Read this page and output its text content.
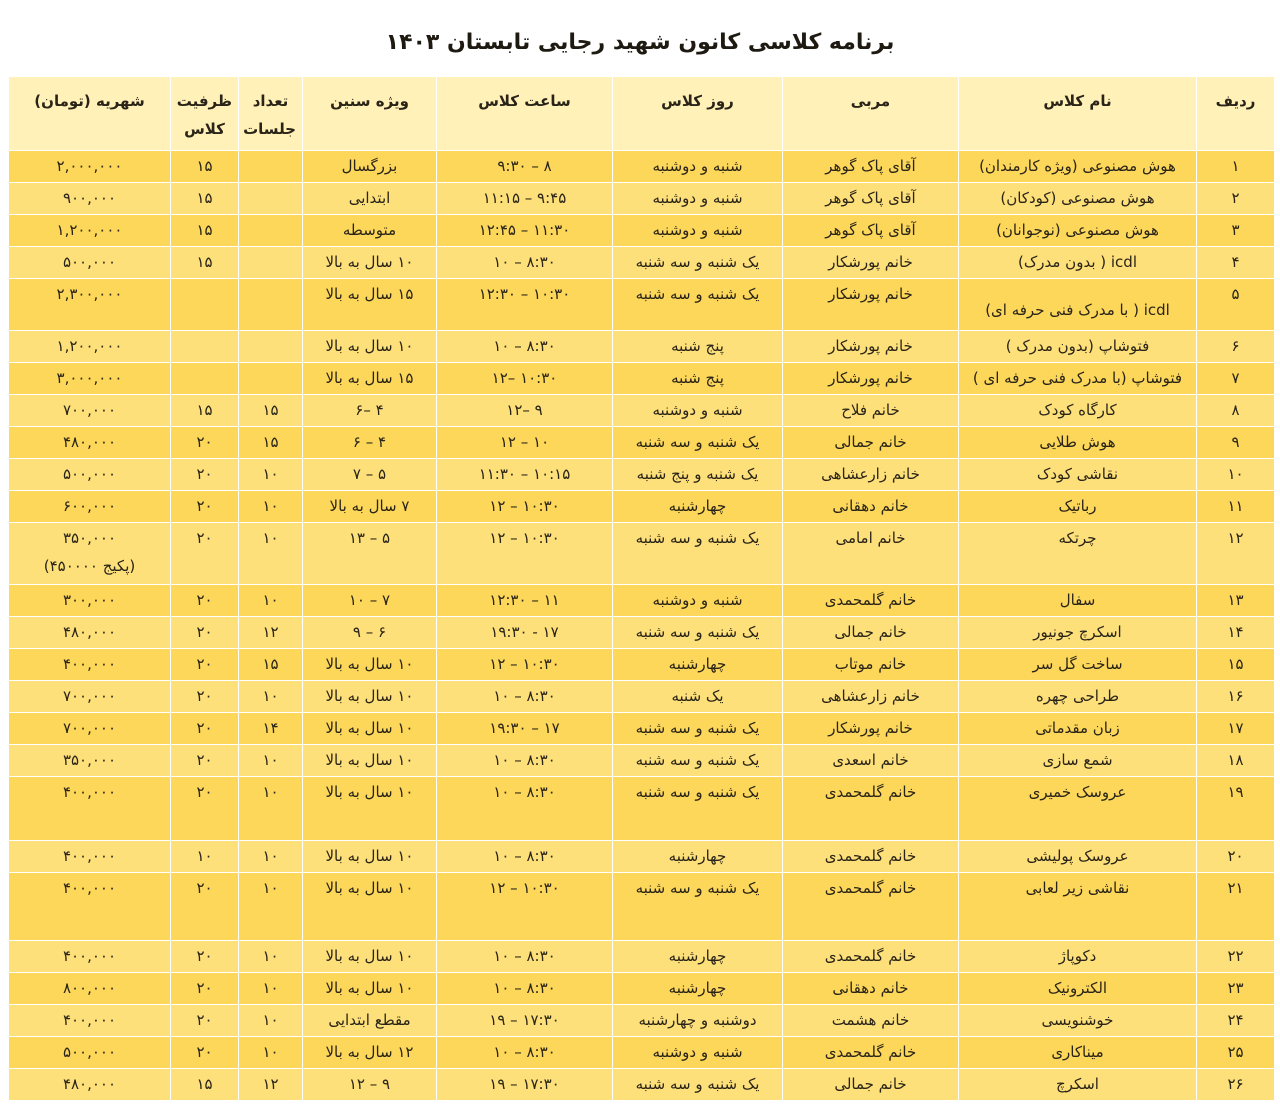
برنامه کلاسی کانون شهید رجایی تابستان ۱۴۰۳
ردیف	نام کلاس	مربی	روز کلاس	ساعت کلاس	ویژه سنین	تعداد جلسات	ظرفیت کلاس	شهریه (تومان)
۱	هوش مصنوعی (ویژه کارمندان)	آقای پاک گوهر	شنبه و دوشنبه	۸ – ۹:۳۰	بزرگسال		۱۵	۲,۰۰۰,۰۰۰
۲	هوش مصنوعی (کودکان)	آقای پاک گوهر	شنبه و دوشنبه	۹:۴۵ – ۱۱:۱۵	ابتدایی		۱۵	۹۰۰,۰۰۰
۳	هوش مصنوعی (نوجوانان)	آقای پاک گوهر	شنبه و دوشنبه	۱۱:۳۰ – ۱۲:۴۵	متوسطه		۱۵	۱,۲۰۰,۰۰۰
۴	icdl ( بدون مدرک)	خانم پورشکار	یک شنبه و سه شنبه	۸:۳۰ – ۱۰	۱۰ سال به بالا		۱۵	۵۰۰,۰۰۰
۵	icdl ( با مدرک فنی حرفه ای)	خانم پورشکار	یک شنبه و سه شنبه	۱۰:۳۰ – ۱۲:۳۰	۱۵ سال به بالا			۲,۳۰۰,۰۰۰
۶	فتوشاپ (بدون مدرک )	خانم پورشکار	پنج شنبه	۸:۳۰ – ۱۰	۱۰ سال به بالا			۱,۲۰۰,۰۰۰
۷	فتوشاپ (با مدرک فنی حرفه ای )	خانم پورشکار	پنج شنبه	۱۰:۳۰ –۱۲	۱۵ سال به بالا			۳,۰۰۰,۰۰۰
۸	کارگاه کودک	خانم فلاح	شنبه و دوشنبه	۹ –۱۲	۴ –۶	۱۵	۱۵	۷۰۰,۰۰۰
۹	هوش طلایی	خانم جمالی	یک شنبه و سه شنبه	۱۰ – ۱۲	۴ – ۶	۱۵	۲۰	۴۸۰,۰۰۰
۱۰	نقاشی کودک	خانم زارعشاهی	یک شنبه و پنج شنبه	۱۰:۱۵ – ۱۱:۳۰	۵ – ۷	۱۰	۲۰	۵۰۰,۰۰۰
۱۱	رباتیک	خانم دهقانی	چهارشنبه	۱۰:۳۰ – ۱۲	۷ سال به بالا	۱۰	۲۰	۶۰۰,۰۰۰
۱۲	چرتکه	خانم امامی	یک شنبه و سه شنبه	۱۰:۳۰ – ۱۲	۵ – ۱۳	۱۰	۲۰	۳۵۰,۰۰۰
(پکیج ۴۵۰۰۰۰)

۱۳	سفال	خانم گلمحمدی	شنبه و دوشنبه	۱۱ – ۱۲:۳۰	۷ – ۱۰	۱۰	۲۰	۳۰۰,۰۰۰
۱۴	اسکرچ جونیور	خانم جمالی	یک شنبه و سه شنبه	۱۷ - ۱۹:۳۰	۶ – ۹	۱۲	۲۰	۴۸۰,۰۰۰
۱۵	ساخت گل سر	خانم موتاب	چهارشنبه	۱۰:۳۰ – ۱۲	۱۰ سال به بالا	۱۵	۲۰	۴۰۰,۰۰۰
۱۶	طراحی چهره	خانم زارعشاهی	یک شنبه	۸:۳۰ – ۱۰	۱۰ سال به بالا	۱۰	۲۰	۷۰۰,۰۰۰
۱۷	زبان مقدماتی	خانم پورشکار	یک شنبه و سه شنبه	۱۷ – ۱۹:۳۰	۱۰ سال به بالا	۱۴	۲۰	۷۰۰,۰۰۰
۱۸	شمع سازی	خانم اسعدی	یک شنبه و سه شنبه	۸:۳۰ – ۱۰	۱۰ سال به بالا	۱۰	۲۰	۳۵۰,۰۰۰
۱۹	عروسک خمیری	خانم گلمحمدی	یک شنبه و سه شنبه	۸:۳۰ – ۱۰	۱۰ سال به بالا	۱۰	۲۰	۴۰۰,۰۰۰
۲۰	عروسک پولیشی	خانم گلمحمدی	چهارشنبه	۸:۳۰ – ۱۰	۱۰ سال به بالا	۱۰	۱۰	۴۰۰,۰۰۰
۲۱	نقاشی زیر لعابی	خانم گلمحمدی	یک شنبه و سه شنبه	۱۰:۳۰ – ۱۲	۱۰ سال به بالا	۱۰	۲۰	۴۰۰,۰۰۰
۲۲	دکوپاژ	خانم گلمحمدی	چهارشنبه	۸:۳۰ – ۱۰	۱۰ سال به بالا	۱۰	۲۰	۴۰۰,۰۰۰
۲۳	الکترونیک	خانم دهقانی	چهارشنبه	۸:۳۰ – ۱۰	۱۰ سال به بالا	۱۰	۲۰	۸۰۰,۰۰۰
۲۴	خوشنویسی	خانم هشمت	دوشنبه و چهارشنبه	۱۷:۳۰ – ۱۹	مقطع ابتدایی	۱۰	۲۰	۴۰۰,۰۰۰
۲۵	میناکاری	خانم گلمحمدی	شنبه و دوشنبه	۸:۳۰ – ۱۰	۱۲ سال به بالا	۱۰	۲۰	۵۰۰,۰۰۰
۲۶	اسکرچ	خانم جمالی	یک شنبه و سه شنبه	۱۷:۳۰ – ۱۹	۹ – ۱۲	۱۲	۱۵	۴۸۰,۰۰۰
